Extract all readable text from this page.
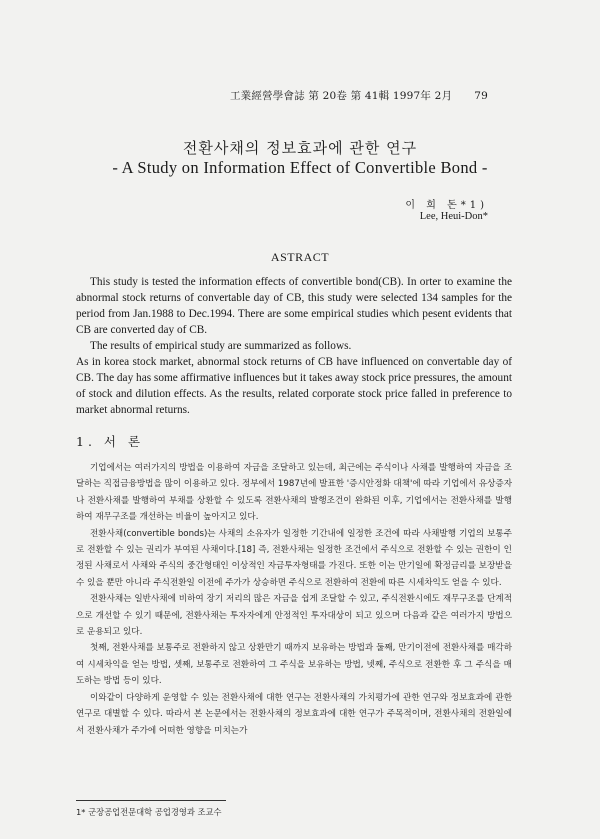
工業經營學會誌 第 20卷 第 41輯 1997年 2月 79
전환사채의 정보효과에 관한 연구
- A Study on Information Effect of Convertible Bond -
이 희 돈*1)
Lee, Heui-Don*
ASTRACT

This study is tested the information effects of convertible bond(CB). In orter to examine the abnormal stock returns of convertable day of CB, this study were selected 134 samples for the period from Jan.1988 to Dec.1994. There are some empirical studies which pesent evidents that CB are converted day of CB.

The results of empirical study are summarized as follows.

As in korea stock market, abnormal stock returns of CB have influenced on convertable day of CB. The day has some affirmative influences but it takes away stock price pressures, the amount of stock and dilution effects. As the results, related corporate stock price falled in preference to market abnormal returns.

1. 서 론

기업에서는 여러가지의 방법을 이용하여 자금을 조달하고 있는데, 최근에는 주식이나 사채를 발행하여 자금을 조달하는 직접금융방법을 많이 이용하고 있다. 정부에서 1987년에 발표한 '증시안정화 대책'에 따라 기업에서 유상증자나 전환사채를 발행하여 부채를 상환할 수 있도록 전환사채의 발행조건이 완화된 이후, 기업에서는 전환사채를 발행하여 재무구조를 개선하는 비율이 높아지고 있다.

전환사채(convertible bonds)는 사채의 소유자가 일정한 기간내에 일정한 조건에 따라 사채발행 기업의 보통주로 전환할 수 있는 권리가 부여된 사채이다.[18] 즉, 전환사채는 일정한 조건에서 주식으로 전환할 수 있는 권한이 인정된 사채로서 사채와 주식의 중간형태인 이상적인 자금투자형태를 가진다. 또한 이는 만기일에 확정금리를 보장받을 수 있을 뿐만 아니라 주식전환일 이전에 주가가 상승하면 주식으로 전환하여 전환에 따른 시세차익도 얻을 수 있다.

전환사채는 일반사채에 비하여 장기 저리의 많은 자금을 쉽게 조달할 수 있고, 주식전환시에도 재무구조를 단계적으로 개선할 수 있기 때문에, 전환사채는 투자자에게 안정적인 투자대상이 되고 있으며 다음과 같은 여러가지 방법으로 운용되고 있다.

첫째, 전환사채를 보통주로 전환하지 않고 상환만기 때까지 보유하는 방법과 둘째, 만기이전에 전환사채를 매각하여 시세차익을 얻는 방법, 셋째, 보통주로 전환하여 그 주식을 보유하는 방법, 넷째, 주식으로 전환한 후 그 주식을 매도하는 방법 등이 있다.

이와같이 다양하게 운영할 수 있는 전환사채에 대한 연구는 전환사채의 가치평가에 관한 연구와 정보효과에 관한 연구로 대별할 수 있다. 따라서 본 논문에서는 전환사채의 정보효과에 대한 연구가 주목적이며, 전환사채의 전환일에서 전환사채가 주가에 어떠한 영향을 미치는가

1* 군장공업전문대학 공업경영과 조교수
